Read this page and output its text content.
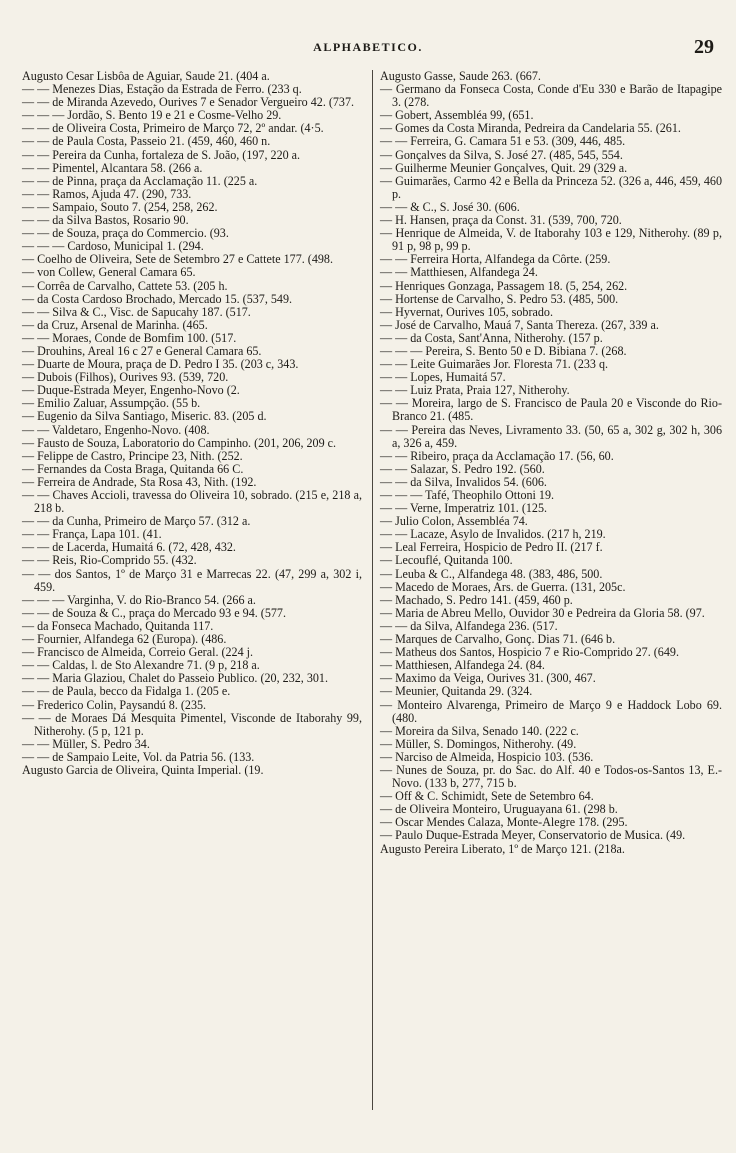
ALPHABETICO.	29

Augusto Cesar Lisbôa de Aguiar, Saude 21. (404 a.

— — Menezes Dias, Estação da Estrada de Ferro. (233 q.

— — de Miranda Azevedo, Ourives 7 e Senador Vergueiro 42. (737.

— — — Jordão, S. Bento 19 e 21 e Cosme-Velho 29.

— — de Oliveira Costa, Primeiro de Março 72, 2º andar. (4·5.

— — de Paula Costa, Passeio 21. (459, 460, 460 n.

— — Pereira da Cunha, fortaleza de S. João, (197, 220 a.

— — Pimentel, Alcantara 58. (266 a.

— — de Pinna, praça da Acclamação 11. (225 a.

— — Ramos, Ajuda 47. (290, 733.

— — Sampaio, Souto 7. (254, 258, 262.

— — da Silva Bastos, Rosario 90.

— — de Souza, praça do Commercio. (93.

— — — Cardoso, Municipal 1. (294.

— Coelho de Oliveira, Sete de Setembro 27 e Cattete 177. (498.

— von Collew, General Camara 65.

— Corrêa de Carvalho, Cattete 53. (205 h.

— da Costa Cardoso Brochado, Mercado 15. (537, 549.

— — Silva & C., Visc. de Sapucahy 187. (517.

— da Cruz, Arsenal de Marinha. (465.

— — Moraes, Conde de Bomfim 100. (517.

— Drouhins, Areal 16 c 27 e General Camara 65.

— Duarte de Moura, praça de D. Pedro I 35. (203 c, 343.

— Dubois (Filhos), Ourives 93. (539, 720.

— Duque-Estrada Meyer, Engenho-Novo (2.

— Emilio Zaluar, Assumpção. (55 b.

— Eugenio da Silva Santiago, Miseric. 83. (205 d.

— — Valdetaro, Engenho-Novo. (408.

— Fausto de Souza, Laboratorio do Campinho. (201, 206, 209 c.

— Felippe de Castro, Principe 23, Nith. (252.

— Fernandes da Costa Braga, Quitanda 66 C.

— Ferreira de Andrade, Sta Rosa 43, Nith. (192.

— — Chaves Accioli, travessa do Oliveira 10, sobrado. (215 e, 218 a, 218 b.

— — da Cunha, Primeiro de Março 57. (312 a.

— — França, Lapa 101. (41.

— — de Lacerda, Humaitá 6. (72, 428, 432.

— — Reis, Rio-Comprido 55. (432.

— — dos Santos, 1º de Março 31 e Marrecas 22. (47, 299 a, 302 i, 459.

— — — Varginha, V. do Rio-Branco 54. (266 a.

— — de Souza & C., praça do Mercado 93 e 94. (577.

— da Fonseca Machado, Quitanda 117.

— Fournier, Alfandega 62 (Europa). (486.

— Francisco de Almeida, Correio Geral. (224 j.

— — Caldas, l. de Sto Alexandre 71. (9 p, 218 a.

— — Maria Glaziou, Chalet do Passeio Publico. (20, 232, 301.

— — de Paula, becco da Fidalga 1. (205 e.

— Frederico Colin, Paysandú 8. (235.

— — de Moraes Dá Mesquita Pimentel, Visconde de Itaborahy 99, Nitherohy. (5 p, 121 p.

— — Müller, S. Pedro 34.

— — de Sampaio Leite, Vol. da Patria 56. (133.

Augusto Garcia de Oliveira, Quinta Imperial. (19.

Augusto Gasse, Saude 263. (667.

— Germano da Fonseca Costa, Conde d'Eu 330 e Barão de Itapagipe 3. (278.

— Gobert, Assembléa 99, (651.

— Gomes da Costa Miranda, Pedreira da Candelaria 55. (261.

— — Ferreira, G. Camara 51 e 53. (309, 446, 485.

— Gonçalves da Silva, S. José 27. (485, 545, 554.

— Guilherme Meunier Gonçalves, Quit. 29 (329 a.

— Guimarães, Carmo 42 e Bella da Princeza 52. (326 a, 446, 459, 460 p.

— — & C., S. José 30. (606.

— H. Hansen, praça da Const. 31. (539, 700, 720.

— Henrique de Almeida, V. de Itaborahy 103 e 129, Nitherohy. (89 p, 91 p, 98 p, 99 p.

— — Ferreira Horta, Alfandega da Côrte. (259.

— — Matthiesen, Alfandega 24.

— Henriques Gonzaga, Passagem 18. (5, 254, 262.

— Hortense de Carvalho, S. Pedro 53. (485, 500.

— Hyvernat, Ourives 105, sobrado.

— José de Carvalho, Mauá 7, Santa Thereza. (267, 339 a.

— — da Costa, Sant'Anna, Nitherohy. (157 p.

— — — Pereira, S. Bento 50 e D. Bibiana 7. (268.

— — Leite Guimarães Jor. Floresta 71. (233 q.

— — Lopes, Humaitá 57.

— — Luiz Prata, Praia 127, Nitherohy.

— — Moreira, largo de S. Francisco de Paula 20 e Visconde do Rio-Branco 21. (485.

— — Pereira das Neves, Livramento 33. (50, 65 a, 302 g, 302 h, 306 a, 326 a, 459.

— — Ribeiro, praça da Acclamação 17. (56, 60.

— — Salazar, S. Pedro 192. (560.

— — da Silva, Invalidos 54. (606.

— — — Tafé, Theophilo Ottoni 19.

— — Verne, Imperatriz 101. (125.

— Julio Colon, Assembléa 74.

— — Lacaze, Asylo de Invalidos. (217 h, 219.

— Leal Ferreira, Hospicio de Pedro II. (217 f.

— Lecouflé, Quitanda 100.

— Leuba & C., Alfandega 48. (383, 486, 500.

— Macedo de Moraes, Ars. de Guerra. (131, 205c.

— Machado, S. Pedro 141. (459, 460 p.

— Maria de Abreu Mello, Ouvidor 30 e Pedreira da Gloria 58. (97.

— — da Silva, Alfandega 236. (517.

— Marques de Carvalho, Gonç. Dias 71. (646 b.

— Matheus dos Santos, Hospicio 7 e Rio-Comprido 27. (649.

— Matthiesen, Alfandega 24. (84.

— Maximo da Veiga, Ourives 31. (300, 467.

— Meunier, Quitanda 29. (324.

— Monteiro Alvarenga, Primeiro de Março 9 e Haddock Lobo 69. (480.

— Moreira da Silva, Senado 140. (222 c.

— Müller, S. Domingos, Nitherohy. (49.

— Narciso de Almeida, Hospicio 103. (536.

— Nunes de Souza, pr. do Sac. do Alf. 40 e Todos-os-Santos 13, E.-Novo. (133 b, 277, 715 b.

— Off & C. Schimidt, Sete de Setembro 64.

— de Oliveira Monteiro, Uruguayana 61. (298 b.

— Oscar Mendes Calaza, Monte-Alegre 178. (295.

— Paulo Duque-Estrada Meyer, Conservatorio de Musica. (49.

Augusto Pereira Liberato, 1º de Março 121. (218a.
